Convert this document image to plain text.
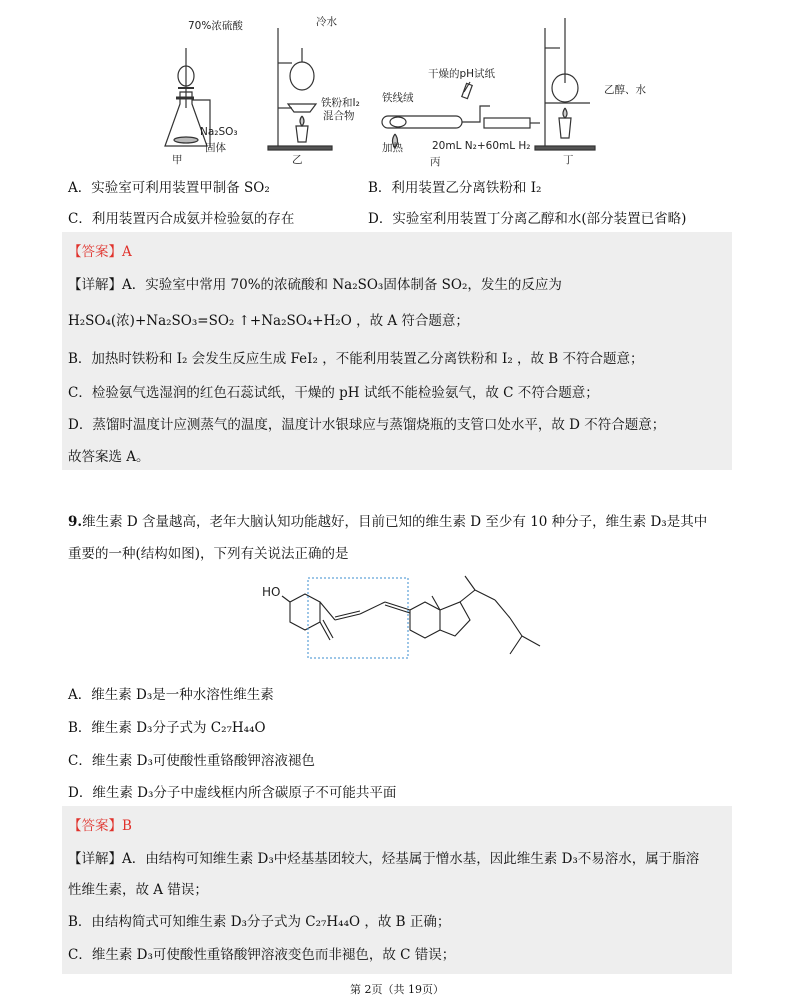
70%浓硫酸
Na₂SO₃
固体
甲
冷水
铁粉和I₂
混合物
乙
铁线绒
干燥的pH试纸
加热	20mL N₂+60mL H₂
丙
乙醇、水
丁
A．实验室可利用装置甲制备 SO₂	B．利用装置乙分离铁粉和 I₂
C．利用装置丙合成氨并检验氨的存在	D．实验室利用装置丁分离乙醇和水(部分装置已省略)
【答案】A
【详解】A．实验室中常用 70%的浓硫酸和 Na₂SO₃固体制备 SO₂，发生的反应为
H₂SO₄(浓)+Na₂SO₃=SO₂ ↑+Na₂SO₄+H₂O ，故 A 符合题意；
B．加热时铁粉和 I₂ 会发生反应生成 FeI₂ ，不能利用装置乙分离铁粉和 I₂ ，故 B 不符合题意；
C．检验氨气选湿润的红色石蕊试纸，干燥的 pH 试纸不能检验氨气，故 C 不符合题意；
D．蒸馏时温度计应测蒸气的温度，温度计水银球应与蒸馏烧瓶的支管口处水平，故 D 不符合题意；
故答案选 A。
9.维生素 D 含量越高，老年大脑认知功能越好，目前已知的维生素 D 至少有 10 种分子，维生素 D₃是其中
重要的一种(结构如图)，下列有关说法正确的是
HO
A．维生素 D₃是一种水溶性维生素
B．维生素 D₃分子式为 C₂₇H₄₄O
C．维生素 D₃可使酸性重铬酸钾溶液褪色
D．维生素 D₃分子中虚线框内所含碳原子不可能共平面
【答案】B
【详解】A．由结构可知维生素 D₃中烃基基团较大，烃基属于憎水基，因此维生素 D₃不易溶水，属于脂溶
性维生素，故 A 错误；
B．由结构简式可知维生素 D₃分子式为 C₂₇H₄₄O ，故 B 正确；
C．维生素 D₃可使酸性重铬酸钾溶液变色而非褪色，故 C 错误；
第 2页（共 19页）
